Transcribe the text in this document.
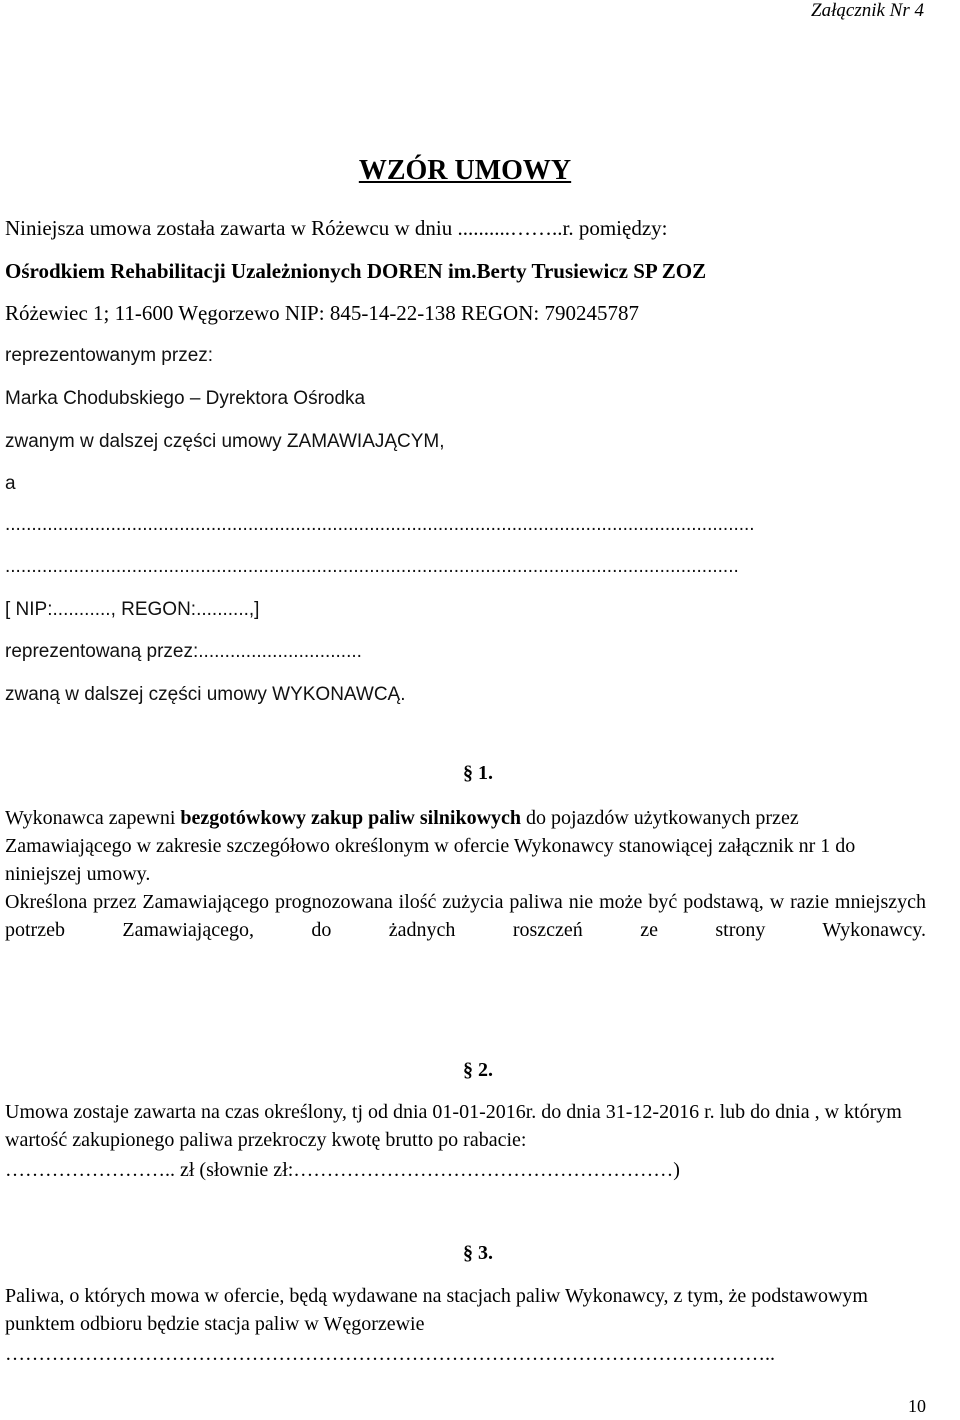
Załącznik Nr 4
WZÓR UMOWY
Niniejsza umowa została zawarta w Różewcu w dniu ..........……..r. pomiędzy:
Ośrodkiem Rehabilitacji Uzależnionych DOREN im.Berty Trusiewicz SP ZOZ
Różewiec 1; 11-600 Węgorzewo NIP: 845-14-22-138 REGON: 790245787
reprezentowanym przez:
Marka Chodubskiego – Dyrektora Ośrodka
zwanym w dalszej części umowy ZAMAWIAJĄCYM,
a
..............................................................................................................................................
...........................................................................................................................................
[ NIP:..........., REGON:..........,]
reprezentowaną przez:...............................
zwaną w dalszej części umowy WYKONAWCĄ.
§ 1.
Wykonawca zapewni bezgotówkowy zakup paliw silnikowych do pojazdów użytkowanych przez Zamawiającego w zakresie szczegółowo określonym w ofercie Wykonawcy stanowiącej załącznik nr 1 do niniejszej umowy.
Określona przez Zamawiającego prognozowana ilość zużycia paliwa nie może być podstawą, w razie mniejszych potrzeb Zamawiającego, do żadnych roszczeń ze strony Wykonawcy.
§ 2.
Umowa zostaje zawarta na czas określony, tj od dnia 01-01-2016r. do dnia 31-12-2016 r. lub do dnia , w którym wartość zakupionego paliwa przekroczy kwotę brutto po rabacie:
…………………….. zł (słownie zł:…………………………………………………)
§ 3.
Paliwa, o których mowa w ofercie, będą wydawane na stacjach paliw Wykonawcy, z tym, że podstawowym punktem odbioru będzie stacja paliw w Węgorzewie
……………………………………………………………………………………………………..
10
